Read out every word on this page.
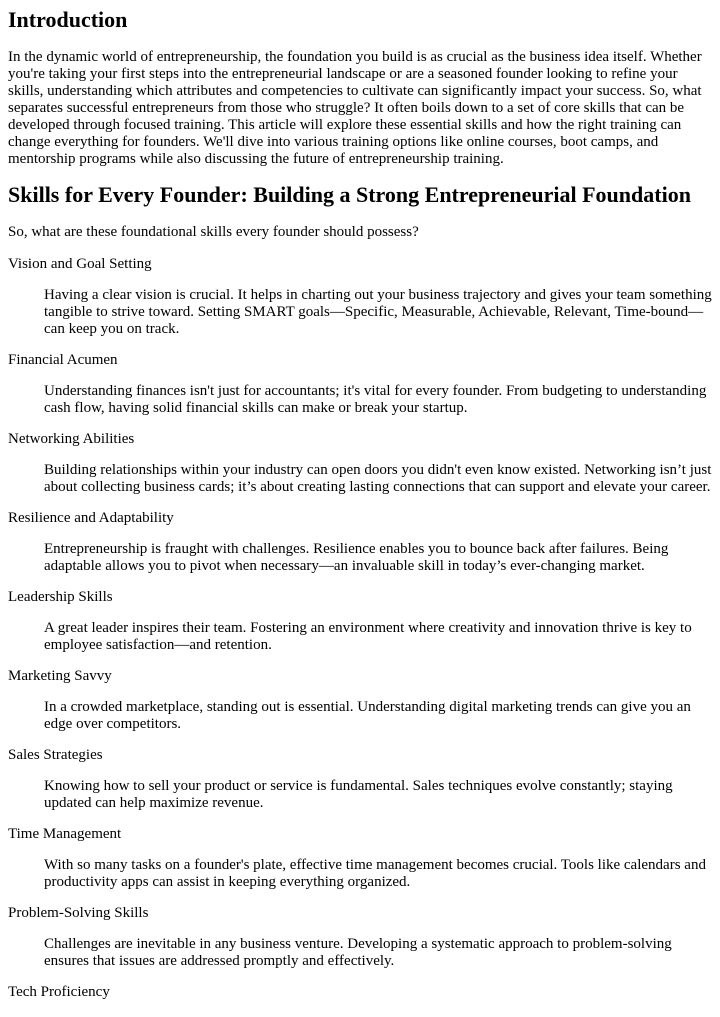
Introduction

In the dynamic world of entrepreneurship, the foundation you build is as crucial as the business idea itself. Whether you're taking your first steps into the entrepreneurial landscape or are a seasoned founder looking to refine your skills, understanding which attributes and competencies to cultivate can significantly impact your success. So, what separates successful entrepreneurs from those who struggle? It often boils down to a set of core skills that can be developed through focused training. This article will explore these essential skills and how the right training can change everything for founders. We'll dive into various training options like online courses, boot camps, and mentorship programs while also discussing the future of entrepreneurship training.

Skills for Every Founder: Building a Strong Entrepreneurial Foundation

So, what are these foundational skills every founder should possess?

Vision and Goal Setting
Having a clear vision is crucial. It helps in charting out your business trajectory and gives your team something tangible to strive toward. Setting SMART goals—Specific, Measurable, Achievable, Relevant, Time-bound—can keep you on track.
Financial Acumen
Understanding finances isn't just for accountants; it's vital for every founder. From budgeting to understanding cash flow, having solid financial skills can make or break your startup.
Networking Abilities
Building relationships within your industry can open doors you didn't even know existed. Networking isn’t just about collecting business cards; it’s about creating lasting connections that can support and elevate your career.
Resilience and Adaptability
Entrepreneurship is fraught with challenges. Resilience enables you to bounce back after failures. Being adaptable allows you to pivot when necessary—an invaluable skill in today’s ever-changing market.
Leadership Skills
A great leader inspires their team. Fostering an environment where creativity and innovation thrive is key to employee satisfaction—and retention.
Marketing Savvy
In a crowded marketplace, standing out is essential. Understanding digital marketing trends can give you an edge over competitors.
Sales Strategies
Knowing how to sell your product or service is fundamental. Sales techniques evolve constantly; staying updated can help maximize revenue.
Time Management
With so many tasks on a founder's plate, effective time management becomes crucial. Tools like calendars and productivity apps can assist in keeping everything organized.
Problem-Solving Skills
Challenges are inevitable in any business venture. Developing a systematic approach to problem-solving ensures that issues are addressed promptly and effectively.
Tech Proficiency
